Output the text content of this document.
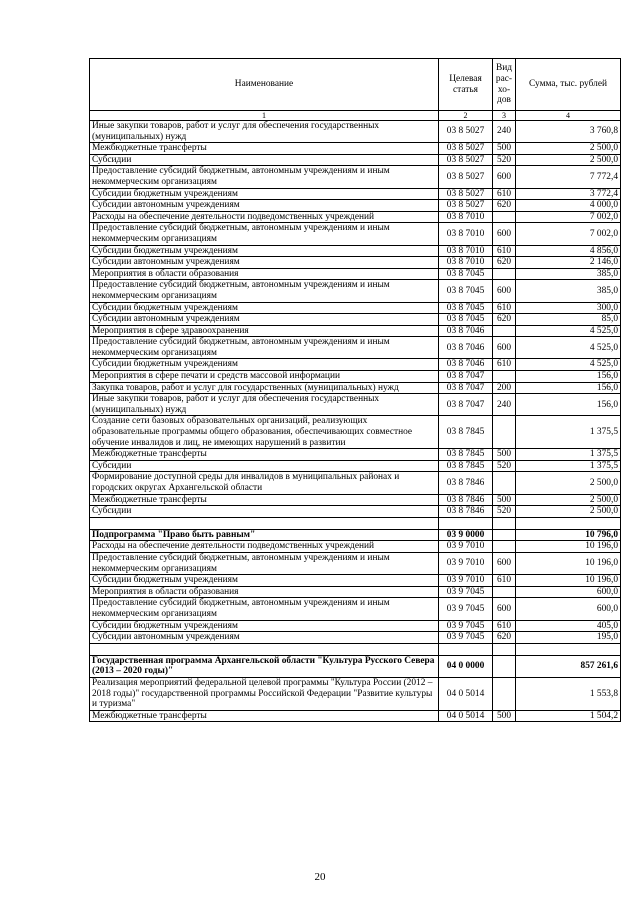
Наименование	Целевая статья	Вид рас-хо-дов	Сумма, тыс. рублей
1	2	3	4
Иные закупки товаров, работ и услуг для обеспечения государственных (муниципальных) нужд	03 8 5027	240	3 760,8
Межбюджетные трансферты	03 8 5027	500	2 500,0
Субсидии	03 8 5027	520	2 500,0
Предоставление субсидий бюджетным, автономным учреждениям и иным некоммерческим организациям	03 8 5027	600	7 772,4
Субсидии бюджетным учреждениям	03 8 5027	610	3 772,4
Субсидии автономным учреждениям	03 8 5027	620	4 000,0
Расходы на обеспечение деятельности подведомственных учреждений	03 8 7010		7 002,0
Предоставление субсидий бюджетным, автономным учреждениям и иным некоммерческим организациям	03 8 7010	600	7 002,0
Субсидии бюджетным учреждениям	03 8 7010	610	4 856,0
Субсидии автономным учреждениям	03 8 7010	620	2 146,0
Мероприятия в области образования	03 8 7045		385,0
Предоставление субсидий бюджетным, автономным учреждениям и иным некоммерческим организациям	03 8 7045	600	385,0
Субсидии бюджетным учреждениям	03 8 7045	610	300,0
Субсидии автономным учреждениям	03 8 7045	620	85,0
Мероприятия в сфере здравоохранения	03 8 7046		4 525,0
Предоставление субсидий бюджетным, автономным учреждениям и иным некоммерческим организациям	03 8 7046	600	4 525,0
Субсидии бюджетным учреждениям	03 8 7046	610	4 525,0
Мероприятия в сфере печати и средств массовой информации	03 8 7047		156,0
Закупка товаров, работ и услуг для государственных (муниципальных) нужд	03 8 7047	200	156,0
Иные закупки товаров, работ и услуг для обеспечения государственных (муниципальных) нужд	03 8 7047	240	156,0
Создание сети базовых образовательных организаций, реализующих образовательные программы общего образования, обеспечивающих совместное обучение инвалидов и лиц, не имеющих нарушений в развитии	03 8 7845		1 375,5
Межбюджетные трансферты	03 8 7845	500	1 375,5
Субсидии	03 8 7845	520	1 375,5
Формирование доступной среды для инвалидов в муниципальных районах и городских округах Архангельской области	03 8 7846		2 500,0
Межбюджетные трансферты	03 8 7846	500	2 500,0
Субсидии	03 8 7846	520	2 500,0

Подпрограмма "Право быть равным"	03 9 0000		10 796,0
Расходы на обеспечение деятельности подведомственных учреждений	03 9 7010		10 196,0
Предоставление субсидий бюджетным, автономным учреждениям и иным некоммерческим организациям	03 9 7010	600	10 196,0
Субсидии бюджетным учреждениям	03 9 7010	610	10 196,0
Мероприятия в области образования	03 9 7045		600,0
Предоставление субсидий бюджетным, автономным учреждениям и иным некоммерческим организациям	03 9 7045	600	600,0
Субсидии бюджетным учреждениям	03 9 7045	610	405,0
Субсидии автономным учреждениям	03 9 7045	620	195,0

Государственная программа Архангельской области "Культура Русского Севера (2013 – 2020 годы)"	04 0 0000		857 261,6
Реализация мероприятий федеральной целевой программы "Культура России (2012 – 2018 годы)" государственной программы Российской Федерации "Развитие культуры и туризма"	04 0 5014		1 553,8
Межбюджетные трансферты	04 0 5014	500	1 504,2
20
